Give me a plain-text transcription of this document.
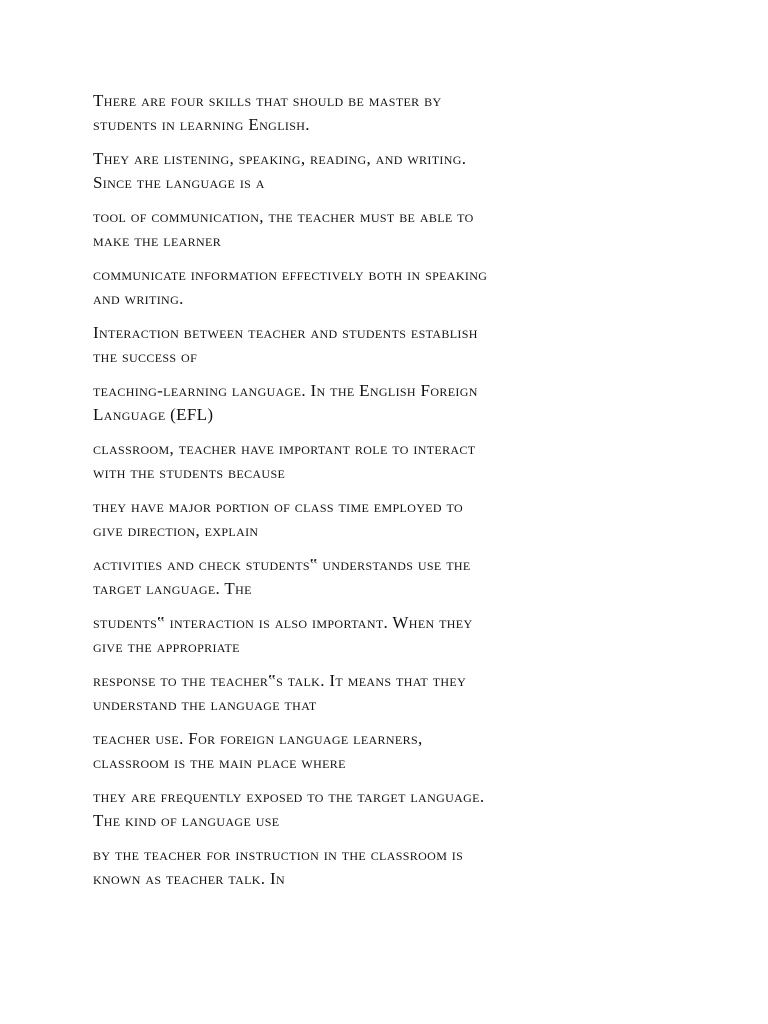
There are four skills that should be master by
students in learning English.

They are listening, speaking, reading, and writing.
Since the language is a

tool of communication, the teacher must be able to
make the learner

communicate information effectively both in speaking
and writing.

Interaction between teacher and students establish
the success of

teaching-learning language. In the English Foreign
Language (EFL)

classroom, teacher have important role to interact
with the students because

they have major portion of class time employed to
give direction, explain

activities and check students‟ understands use the
target language. The

students‟ interaction is also important. When they
give the appropriate

response to the teacher‟s talk. It means that they
understand the language that

teacher use. For foreign language learners,
classroom is the main place where

they are frequently exposed to the target language.
The kind of language use

by the teacher for instruction in the classroom is
known as teacher talk. In
